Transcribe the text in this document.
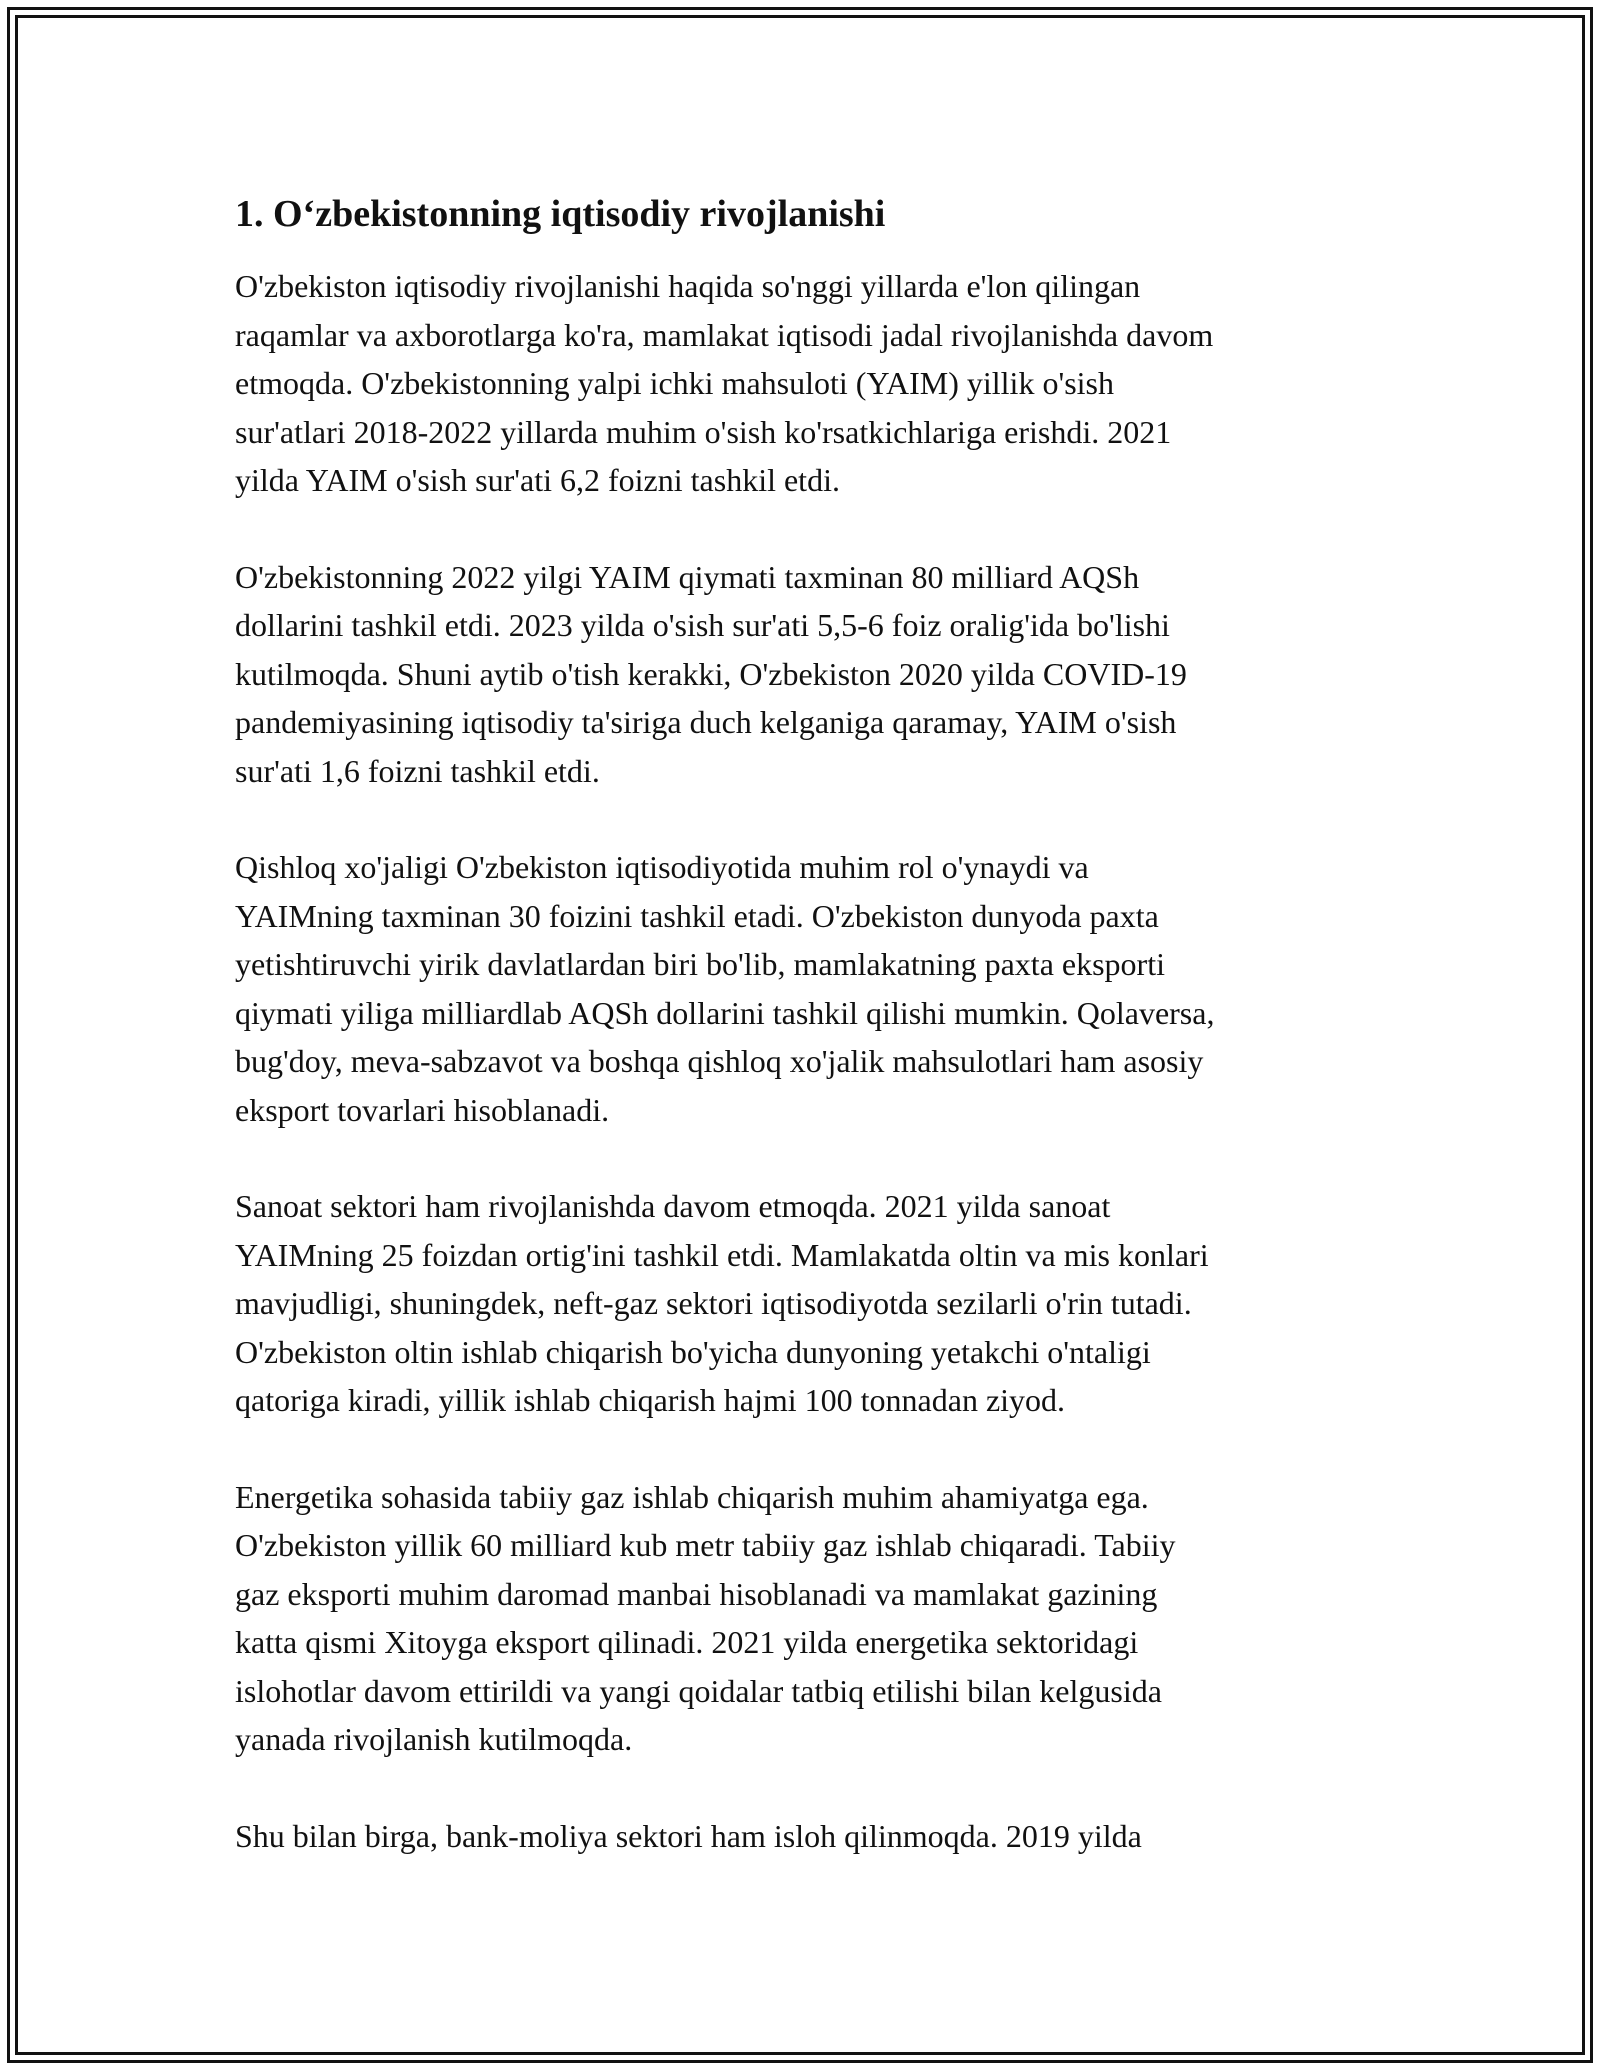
1. O‘zbekistonning iqtisodiy rivojlanishi

O'zbekiston iqtisodiy rivojlanishi haqida so'nggi yillarda e'lon qilingan
raqamlar va axborotlarga ko'ra, mamlakat iqtisodi jadal rivojlanishda davom
etmoqda. O'zbekistonning yalpi ichki mahsuloti (YAIM) yillik o'sish
sur'atlari 2018-2022 yillarda muhim o'sish ko'rsatkichlariga erishdi. 2021
yilda YAIM o'sish sur'ati 6,2 foizni tashkil etdi.

O'zbekistonning 2022 yilgi YAIM qiymati taxminan 80 milliard AQSh
dollarini tashkil etdi. 2023 yilda o'sish sur'ati 5,5-6 foiz oralig'ida bo'lishi
kutilmoqda. Shuni aytib o'tish kerakki, O'zbekiston 2020 yilda COVID-19
pandemiyasining iqtisodiy ta'siriga duch kelganiga qaramay, YAIM o'sish
sur'ati 1,6 foizni tashkil etdi.

Qishloq xo'jaligi O'zbekiston iqtisodiyotida muhim rol o'ynaydi va
YAIMning taxminan 30 foizini tashkil etadi. O'zbekiston dunyoda paxta
yetishtiruvchi yirik davlatlardan biri bo'lib, mamlakatning paxta eksporti
qiymati yiliga milliardlab AQSh dollarini tashkil qilishi mumkin. Qolaversa,
bug'doy, meva-sabzavot va boshqa qishloq xo'jalik mahsulotlari ham asosiy
eksport tovarlari hisoblanadi.

Sanoat sektori ham rivojlanishda davom etmoqda. 2021 yilda sanoat
YAIMning 25 foizdan ortig'ini tashkil etdi. Mamlakatda oltin va mis konlari
mavjudligi, shuningdek, neft-gaz sektori iqtisodiyotda sezilarli o'rin tutadi.
O'zbekiston oltin ishlab chiqarish bo'yicha dunyoning yetakchi o'ntaligi
qatoriga kiradi, yillik ishlab chiqarish hajmi 100 tonnadan ziyod.

Energetika sohasida tabiiy gaz ishlab chiqarish muhim ahamiyatga ega.
O'zbekiston yillik 60 milliard kub metr tabiiy gaz ishlab chiqaradi. Tabiiy
gaz eksporti muhim daromad manbai hisoblanadi va mamlakat gazining
katta qismi Xitoyga eksport qilinadi. 2021 yilda energetika sektoridagi
islohotlar davom ettirildi va yangi qoidalar tatbiq etilishi bilan kelgusida
yanada rivojlanish kutilmoqda.

Shu bilan birga, bank-moliya sektori ham isloh qilinmoqda. 2019 yilda
